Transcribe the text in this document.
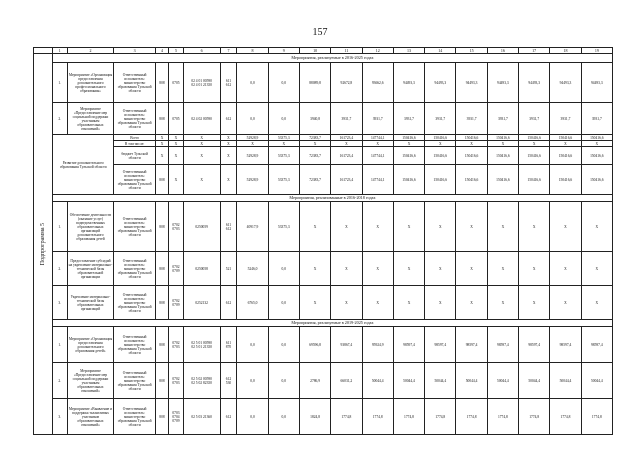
157
	1	2	3	4	5	6	7	8	9	10	11	12	13	14	15	16	17	18	19

Подпрограмма 5	Мероприятия, реализуемые в 2016-2025 годах																		
	1.	Мероприятие «Организация предоставления дополнительного профессионального образования»	Ответственный исполнитель: министерство образования Тульской области	808	0705	02 4 01 00590
02 4 01 21350	611
612	0,0	0,0	88089,8	92672,8	93662,6	94493,3	94493,3	94493,3	94493,3	94493,3	94493,3	94493,3
	2.	Мероприятие «Предоставление мер социальной поддержки участникам образовательных отношений»	Ответственный исполнитель: министерство образования Тульской области	808	0705	02 4 02 00590	612	0,0	0,0	3940,8	3931,7	3931,7	3931,7	3931,7	3931,7	3931,7	3931,7	3931,7	3931,7
	Развитие дополнительного образования Тульской области		Всего	X	X	X	X	52928,9	53375,3	72383,7	161723,4	147744,1	150416,6	150416,6	150416,6	150416,6	150416,6	150416,6	150416,6
			В том числе:	X	X	X	X	X	X	X	X	X	X	X	X	X	X	X	X
			бюджет Тульской области	X	X	X	X	52928,9	53375,3	72383,7	161723,4	147744,1	150416,6	150416,6	150416,6	150416,6	150416,6	150416,6	150416,6
			Ответственный исполнитель: министерство образования Тульской области	808	X	X	X	52928,9	53375,3	72383,7	161723,4	147744,1	150416,6	150416,6	150416,6	150416,6	150416,6	150416,6	150416,6
	Мероприятия, реализованные в 2016-2018 годах																		
	1.	Обеспечение деятельности (оказание услуг) подведомственных образовательных организаций дополнительного образования детей	Ответственный исполнитель: министерство образования Тульской области	808	0702
0703	0250059	611
612	40917,9	53375,3	X	X	X	X	X	X	X	X	X	X
	2.	Предоставление субсидий на укрепление материально-технической базы образовательной организации	Ответственный исполнитель: министерство образования Тульской области	808	0702
0709	0250058	521	5246,0	0,0	X	X	X	X	X	X	X	X	X	X
	3.	Укрепление материально-технической базы образовательных организаций	Ответственный исполнитель: министерство образования Тульской области	808	0702
0709	0252132	612	6765,0	0,0	X	X	X	X	X	X	X	X	X	X
	Мероприятия, реализуемые в 2019-2025 годах																		
	1.	Мероприятие «Организация предоставления дополнительного образования детей»	Ответственный исполнитель: министерство образования Тульской области	808	0702
0703	02 5 01 00590
02 5 01 21350	611
870	0,0	0,0	69596,8	93867,4	95924,9	98597,4	98597,4	98597,4	98597,4	98597,4	98597,4	98597,4
	2.	Мероприятие «Предоставление мер социальной поддержки участникам образовательных отношений»	Ответственный исполнитель: министерство образования Тульской области	808	0702
0703	02 5 02 00590
02 5 02 82350	612
530	0,0	0,0	2786,9	66031,2	50044,4	50044,4	50044,4	50044,4	50044,4	50044,4	50044,4	50044,4
	3.	Мероприятие «Выявление и поддержка талантливых участников образовательных отношений»	Ответственный исполнитель: министерство образования Тульской области	808	0703
0704
0709	02 5 03 21360	612	0,0	0,0	1824,8	1774,8	1774,8	1774,8	1774,8	1774,8	1774,8	1774,8	1774,8	1774,8
